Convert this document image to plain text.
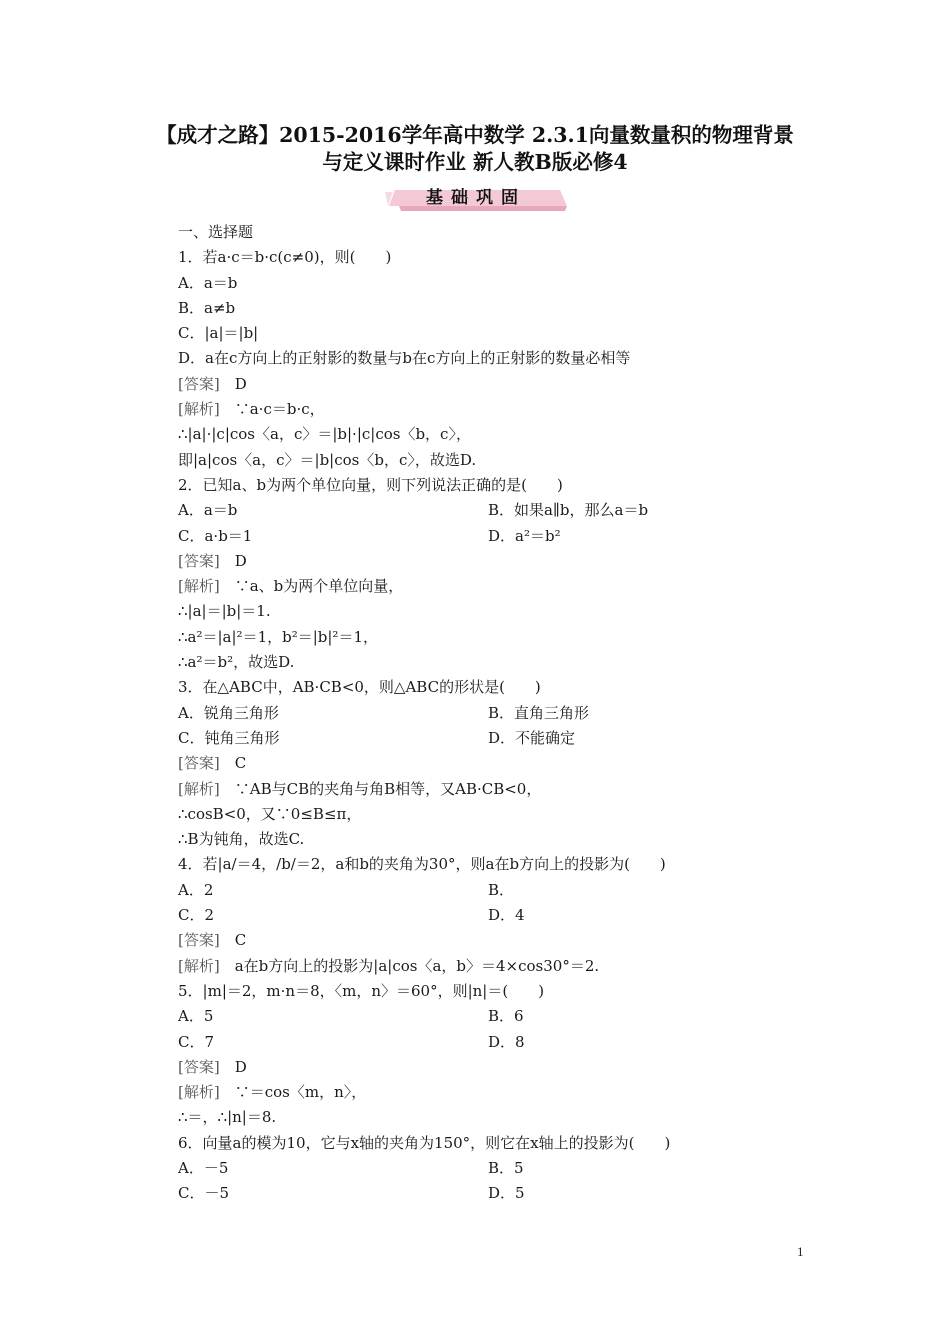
【成才之路】2015-2016学年高中数学 2.3.1向量数量积的物理背景
与定义课时作业 新人教B版必修4
基础巩固
一、选择题
1．若a·c＝b·c(c≠0)，则(　　)
A．a＝b
B．a≠b
C．|a|＝|b|
D．a在c方向上的正射影的数量与b在c方向上的正射影的数量必相等
[答案]　 D
[解析]　 ∵a·c＝b·c，
∴|a|·|c|cos〈a，c〉＝|b|·|c|cos〈b，c〉，
即|a|cos〈a，c〉＝|b|cos〈b，c〉，故选D.
2．已知a、b为两个单位向量，则下列说法正确的是(　　)
A．a＝b	B．如果a∥b，那么a＝b
C．a·b＝1	D．a²＝b²
[答案]　 D
[解析]　 ∵a、b为两个单位向量，
∴|a|＝|b|＝1.
∴a²＝|a|²＝1，b²＝|b|²＝1，
∴a²＝b²，故选D.
3．在△ABC中，AB·CB<0，则△ABC的形状是(　　)
A．锐角三角形	B．直角三角形
C．钝角三角形	D．不能确定
[答案]　 C
[解析]　 ∵AB与CB的夹角与角B相等，又AB·CB<0，
∴cosB<0，又∵0≤B≤π，
∴B为钝角，故选C.
4．若|a/＝4，/b/＝2，a和b的夹角为30°，则a在b方向上的投影为(　　)
A．2	B．
C．2	D．4
[答案]　 C
[解析]　 a在b方向上的投影为|a|cos〈a，b〉＝4×cos30°＝2.
5．|m|＝2，m·n＝8，〈m，n〉＝60°，则|n|＝(　　)
A．5	B．6
C．7	D．8
[答案]　 D
[解析]　 ∵＝cos〈m，n〉，
∴＝，∴|n|＝8.
6．向量a的模为10，它与x轴的夹角为150°，则它在x轴上的投影为(　　)
A．－5	B．5
C．－5	D．5
1
